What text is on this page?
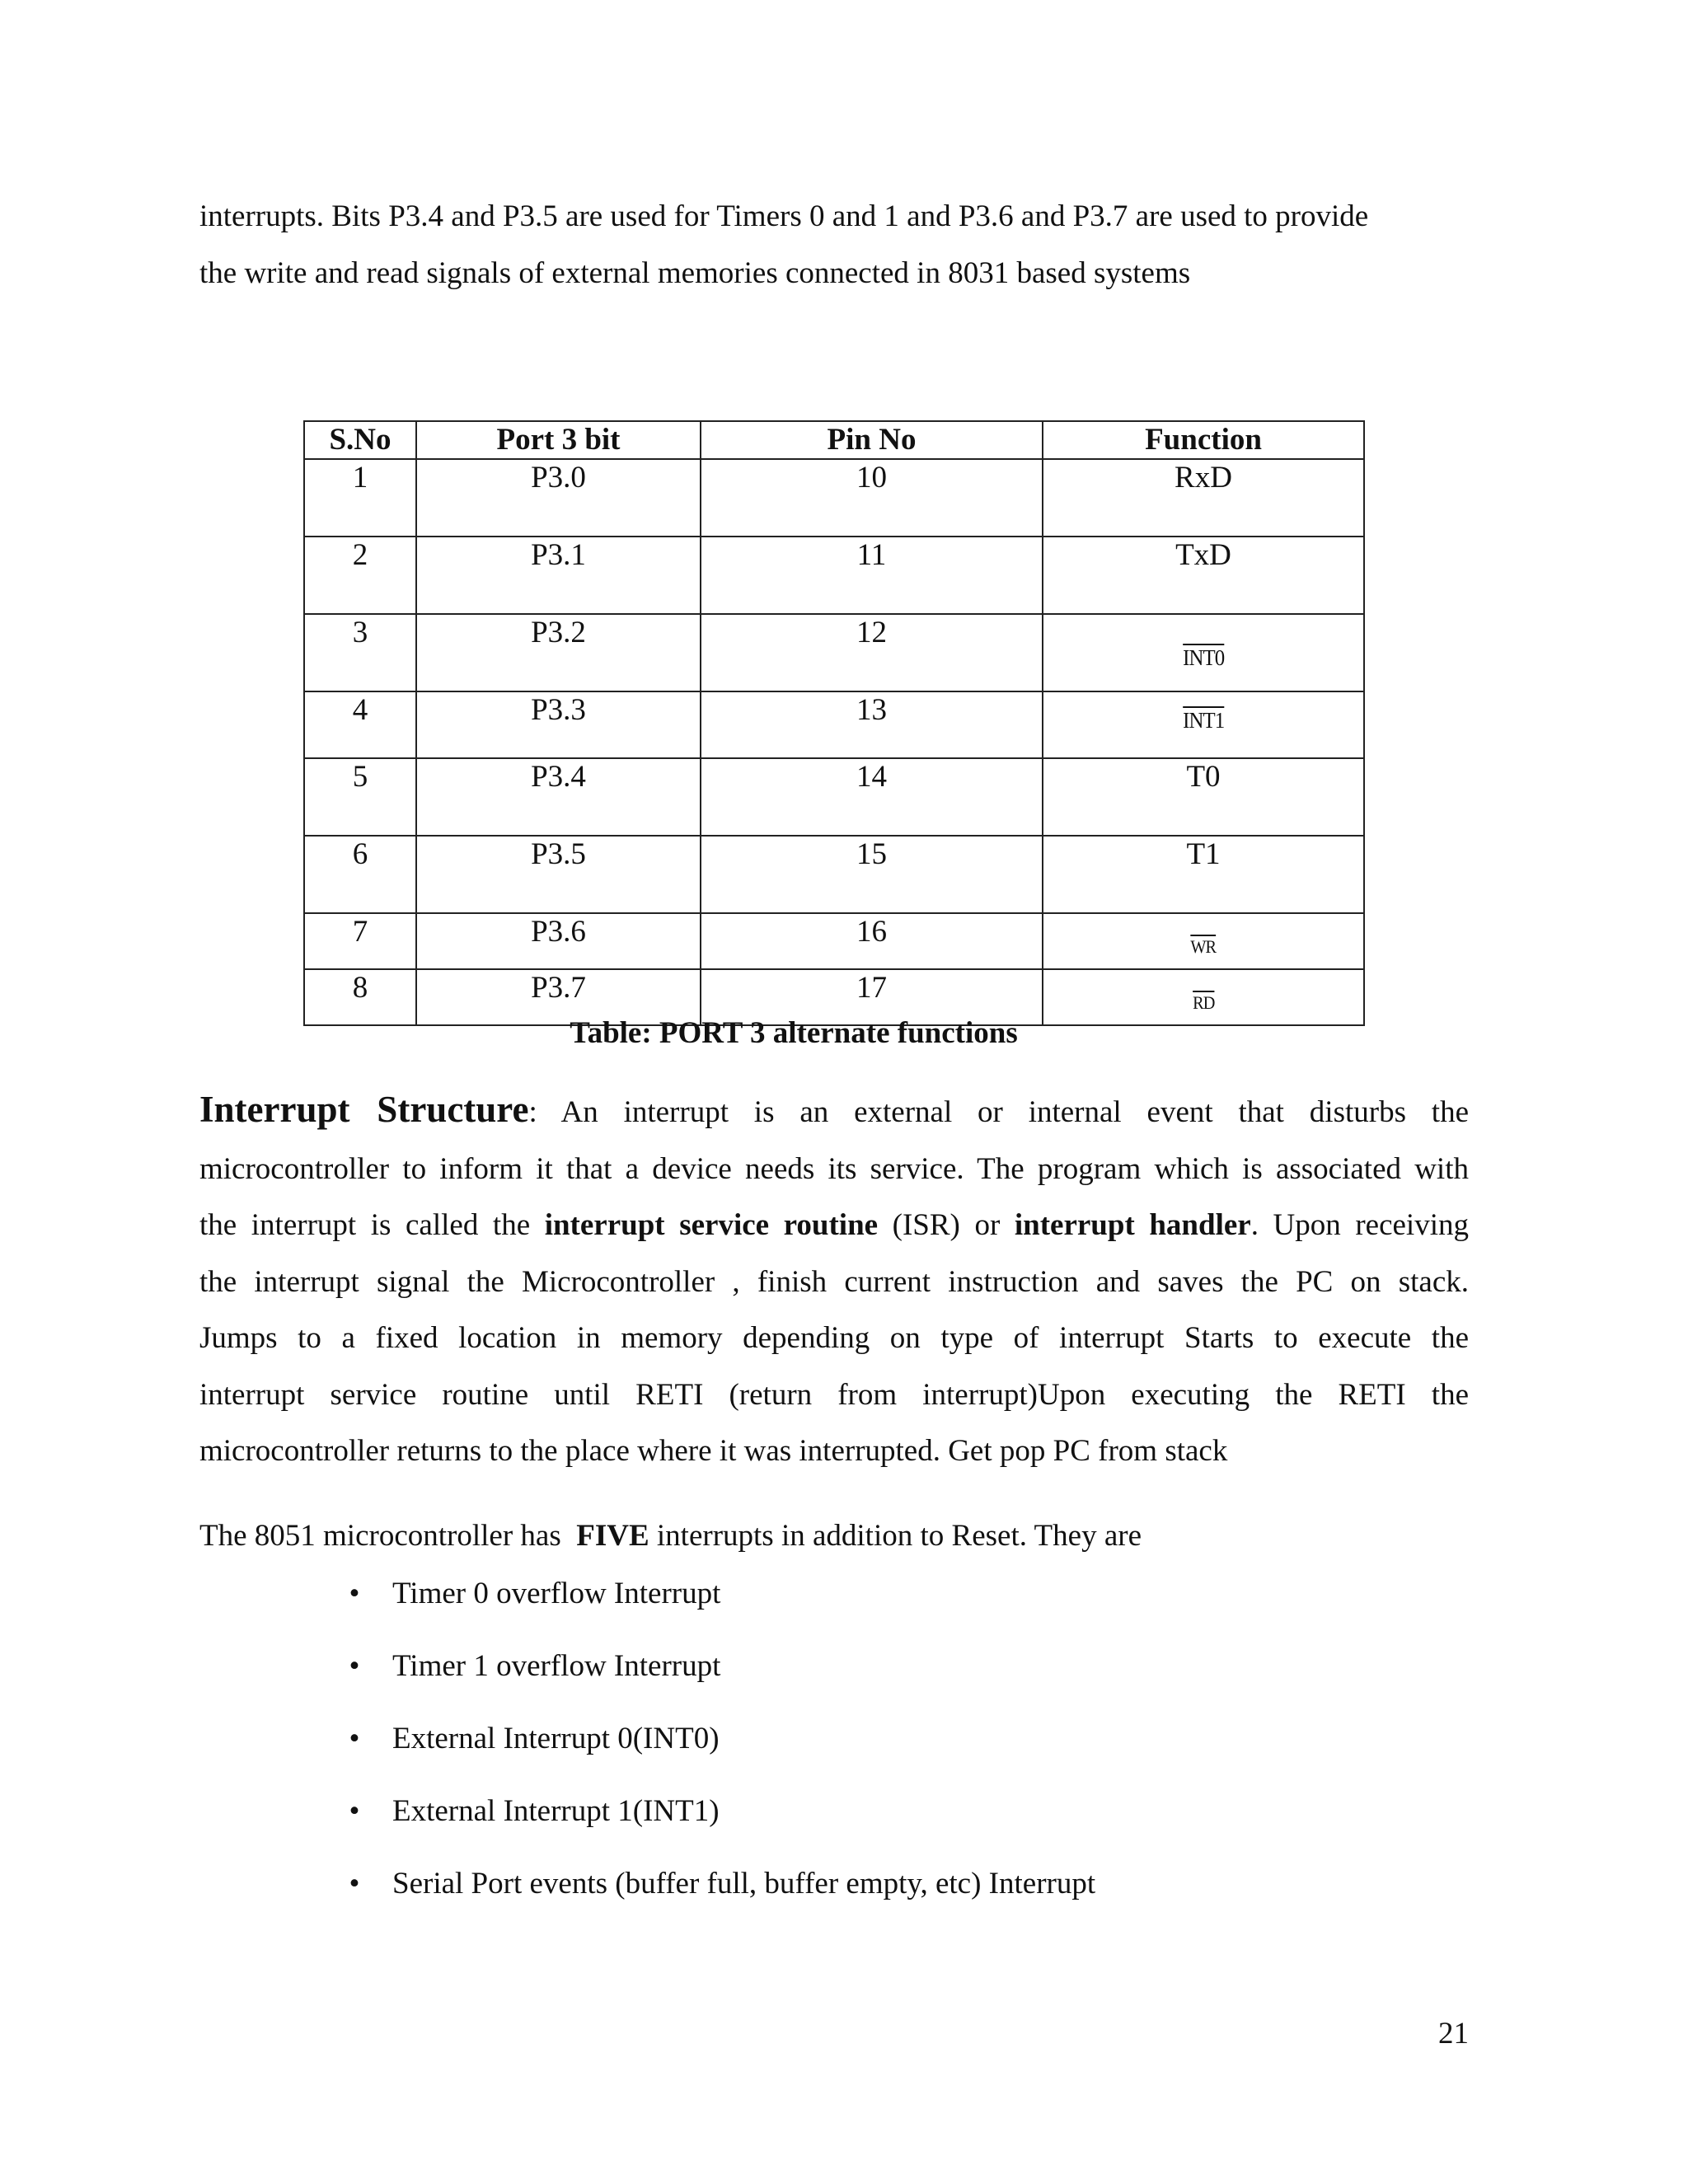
interrupts. Bits P3.4 and P3.5 are used for Timers 0 and 1 and P3.6 and P3.7 are used to provide
the write and read signals of external memories connected in 8031 based systems

S.No	Port 3 bit	Pin No	Function
1	P3.0	10	RxD
2	P3.1	11	TxD
3	P3.2	12	INT0
4	P3.3	13	INT1
5	P3.4	14	T0
6	P3.5	15	T1
7	P3.6	16	$\overline{WR}$
8	P3.7	17	$\overline{RD}$
Table: PORT 3 alternate functions

Interrupt Structure: An interrupt is an external or internal event that disturbs the
microcontroller to inform it that a device needs its service. The program which is associated with
the interrupt is called the interrupt service routine (ISR) or interrupt handler. Upon receiving
the interrupt signal the Microcontroller , finish current instruction and saves the PC on stack.
Jumps to a fixed location in memory depending on type of interrupt Starts to execute the
interrupt service routine until RETI (return from interrupt)Upon executing the RETI the
microcontroller returns to the place where it was interrupted. Get pop PC from stack

The 8051 microcontroller has FIVE interrupts in addition to Reset. They are

• Timer 0 overflow Interrupt
• Timer 1 overflow Interrupt
• External Interrupt 0(INT0)
• External Interrupt 1(INT1)
• Serial Port events (buffer full, buffer empty, etc) Interrupt
21
